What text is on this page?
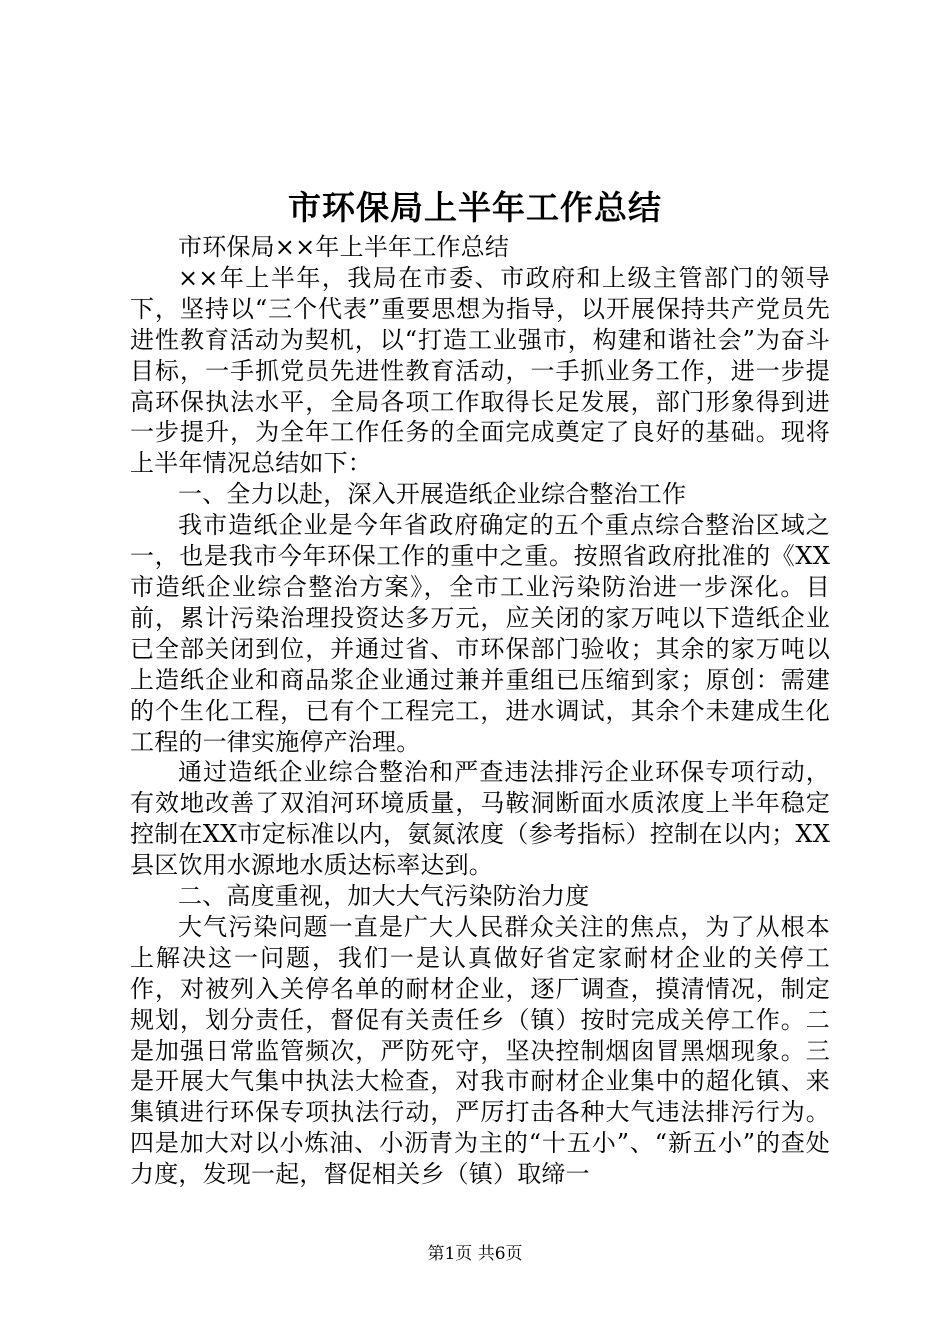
市环保局上半年工作总结

市环保局××年上半年工作总结

××年上半年，我局在市委、市政府和上级主管部门的领导下，坚持以“三个代表”重要思想为指导，以开展保持共产党员先进性教育活动为契机，以“打造工业强市，构建和谐社会”为奋斗目标，一手抓党员先进性教育活动，一手抓业务工作，进一步提高环保执法水平，全局各项工作取得长足发展，部门形象得到进一步提升，为全年工作任务的全面完成奠定了良好的基础。现将上半年情况总结如下：

一、全力以赴，深入开展造纸企业综合整治工作

我市造纸企业是今年省政府确定的五个重点综合整治区域之一，也是我市今年环保工作的重中之重。按照省政府批准的《XX市造纸企业综合整治方案》，全市工业污染防治进一步深化。目前，累计污染治理投资达多万元，应关闭的家万吨以下造纸企业已全部关闭到位，并通过省、市环保部门验收；其余的家万吨以上造纸企业和商品浆企业通过兼并重组已压缩到家；原创：需建的个生化工程，已有个工程完工，进水调试，其余个未建成生化工程的一律实施停产治理。

通过造纸企业综合整治和严查违法排污企业环保专项行动，有效地改善了双洎河环境质量，马鞍洞断面水质浓度上半年稳定控制在XX市定标准以内，氨氮浓度（参考指标）控制在以内；XX县区饮用水源地水质达标率达到。

二、高度重视，加大大气污染防治力度

大气污染问题一直是广大人民群众关注的焦点，为了从根本上解决这一问题，我们一是认真做好省定家耐材企业的关停工作，对被列入关停名单的耐材企业，逐厂调查，摸清情况，制定规划，划分责任，督促有关责任乡（镇）按时完成关停工作。二是加强日常监管频次，严防死守，坚决控制烟囱冒黑烟现象。三是开展大气集中执法大检查，对我市耐材企业集中的超化镇、来集镇进行环保专项执法行动，严厉打击各种大气违法排污行为。四是加大对以小炼油、小沥青为主的“十五小”、“新五小”的查处力度，发现一起，督促相关乡（镇）取缔一

第1页 共6页
